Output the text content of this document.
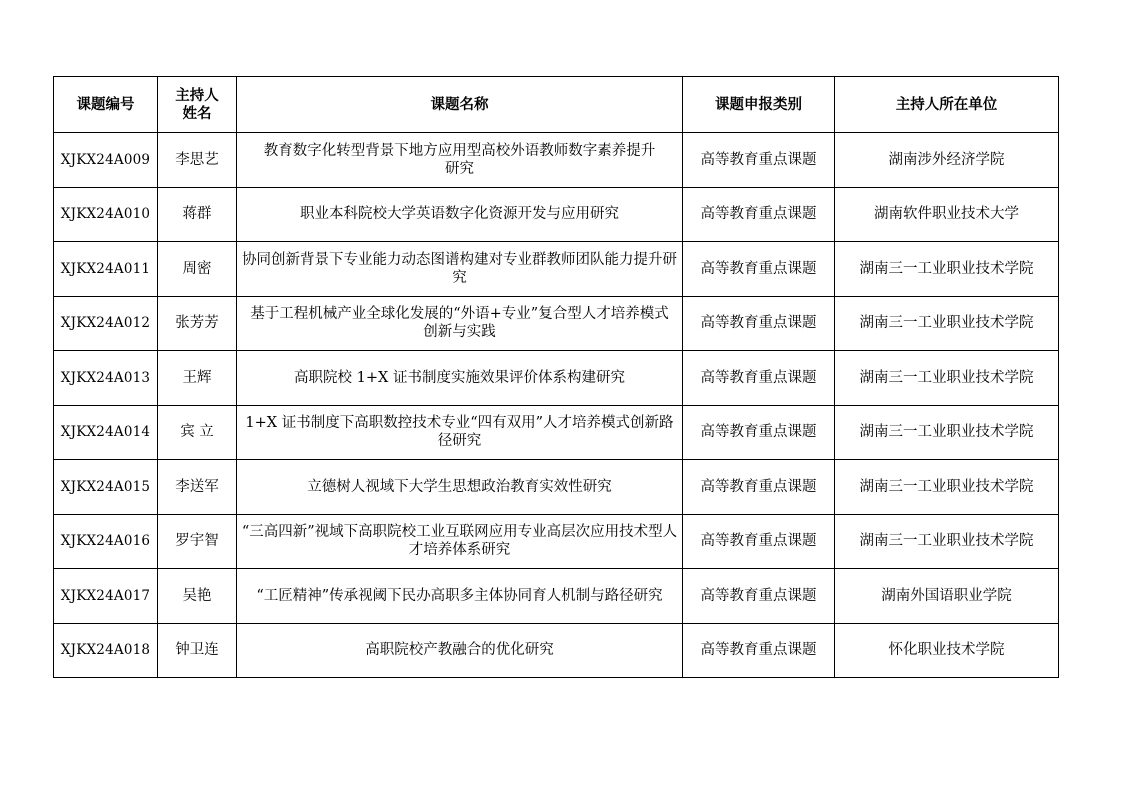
课题编号	主持人姓名	课题名称	课题申报类别	主持人所在单位
XJKX24A009	李思艺	教育数字化转型背景下地方应用型高校外语教师数字素养提升研究	高等教育重点课题	湖南涉外经济学院
XJKX24A010	蒋群	职业本科院校大学英语数字化资源开发与应用研究	高等教育重点课题	湖南软件职业技术大学
XJKX24A011	周密	协同创新背景下专业能力动态图谱构建对专业群教师团队能力提升研究	高等教育重点课题	湖南三一工业职业技术学院
XJKX24A012	张芳芳	基于工程机械产业全球化发展的“外语+专业”复合型人才培养模式创新与实践	高等教育重点课题	湖南三一工业职业技术学院
XJKX24A013	王辉	高职院校 1+X 证书制度实施效果评价体系构建研究	高等教育重点课题	湖南三一工业职业技术学院
XJKX24A014	宾 立	1+X 证书制度下高职数控技术专业“四有双用”人才培养模式创新路径研究	高等教育重点课题	湖南三一工业职业技术学院
XJKX24A015	李送军	立德树人视域下大学生思想政治教育实效性研究	高等教育重点课题	湖南三一工业职业技术学院
XJKX24A016	罗宇智	“三高四新”视域下高职院校工业互联网应用专业高层次应用技术型人才培养体系研究	高等教育重点课题	湖南三一工业职业技术学院
XJKX24A017	吴艳	“工匠精神”传承视阈下民办高职多主体协同育人机制与路径研究	高等教育重点课题	湖南外国语职业学院
XJKX24A018	钟卫连	高职院校产教融合的优化研究	高等教育重点课题	怀化职业技术学院
